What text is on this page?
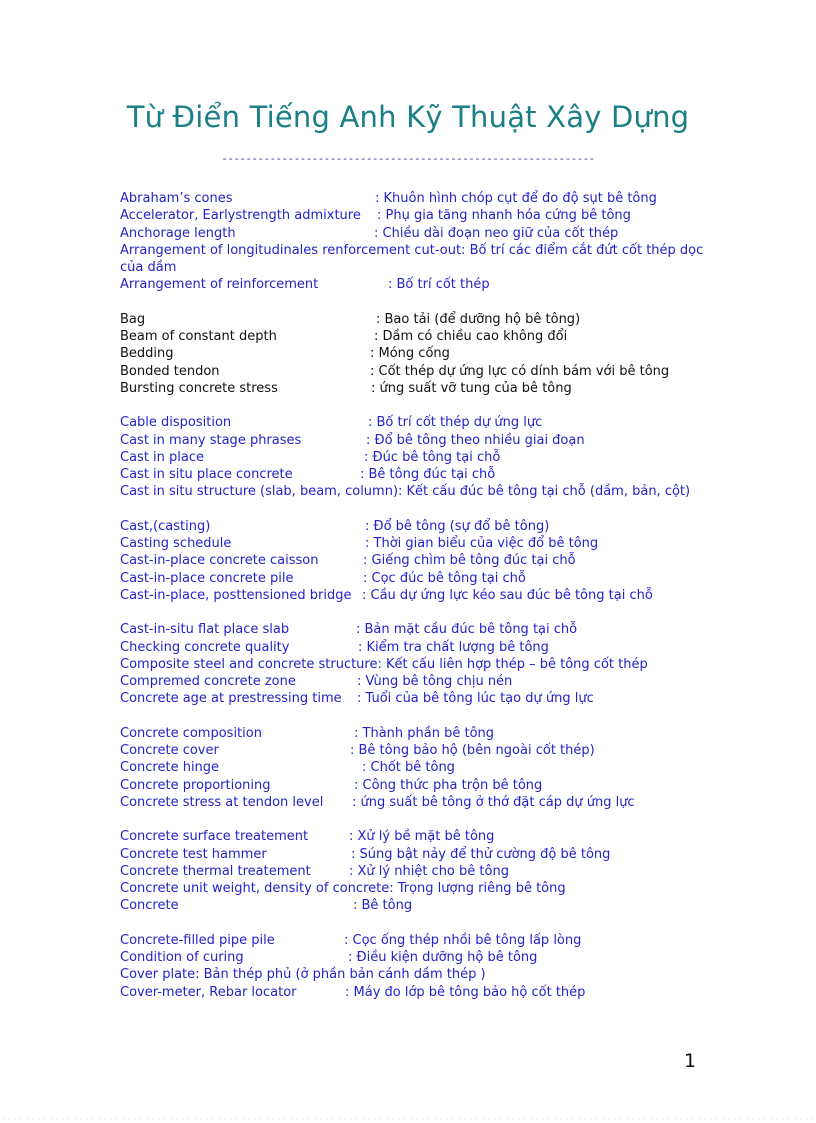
Từ Điển Tiếng Anh Kỹ Thuật Xây Dựng
--------------------------------------------------------------
Abraham’s cones	: Khuôn hình chóp cụt để đo độ sụt bê tông
Accelerator, Earlystrength admixture	: Phụ gia tăng nhanh hóa cứng bê tông
Anchorage length	: Chiều dài đoạn neo giữ của cốt thép
Arrangement of longitudinales renforcement cut-out: Bố trí các điểm cắt đứt cốt thép dọc của dầm
Arrangement of reinforcement	: Bố trí cốt thép
Bag	: Bao tải (để dưỡng hộ bê tông)
Beam of constant depth	: Dầm có chiều cao không đổi
Bedding	: Móng cống
Bonded tendon	: Cốt thép dự ứng lực có dính bám với bê tông
Bursting concrete stress	: ứng suất vỡ tung của bê tông
Cable disposition	: Bố trí cốt thép dự ứng lực
Cast in many stage phrases	: Đổ bê tông theo nhiều giai đoạn
Cast in place	: Đúc bê tông tại chỗ
Cast in situ place concrete	: Bê tông đúc tại chỗ
Cast in situ structure (slab, beam, column): Kết cấu đúc bê tông tại chỗ (dầm, bản, cột)
Cast,(casting)	: Đổ bê tông (sự đổ bê tông)
Casting schedule	: Thời gian biểu của việc đổ bê tông
Cast-in-place concrete caisson	: Giếng chìm bê tông đúc tại chỗ
Cast-in-place concrete pile	: Cọc đúc bê tông tại chỗ
Cast-in-place, posttensioned bridge : Cầu dự ứng lực kéo sau đúc bê tông tại chỗ
Cast-in-situ flat place slab	: Bản mặt cầu đúc bê tông tại chỗ
Checking concrete quality	: Kiểm tra chất lượng bê tông
Composite steel and concrete structure: Kết cấu liên hợp thép – bê tông cốt thép
Compremed concrete zone	: Vùng bê tông chịu nén
Concrete age at prestressing time	: Tuổi của bê tông lúc tạo dự ứng lực
Concrete composition	: Thành phần bê tông
Concrete cover	: Bê tông bảo hộ (bên ngoài cốt thép)
Concrete hinge	: Chốt bê tông
Concrete proportioning	: Công thức pha trộn bê tông
Concrete stress at tendon level	: ứng suất bê tông ở thớ đặt cáp dự ứng lực
Concrete surface treatement	: Xử lý bề mặt bê tông
Concrete test hammer	: Súng bật nảy để thử cường độ bê tông
Concrete thermal treatement	: Xử lý nhiệt cho bê tông
Concrete unit weight, density of concrete: Trọng lượng riêng bê tông
Concrete	: Bê tông
Concrete-filled pipe pile	: Cọc ống thép nhồi bê tông lấp lòng
Condition of curing	: Điều kiện dưỡng hộ bê tông
Cover plate: Bản thép phủ (ở phần bản cánh dầm thép )
Cover-meter, Rebar locator	: Máy đo lớp bê tông bảo hộ cốt thép
1
